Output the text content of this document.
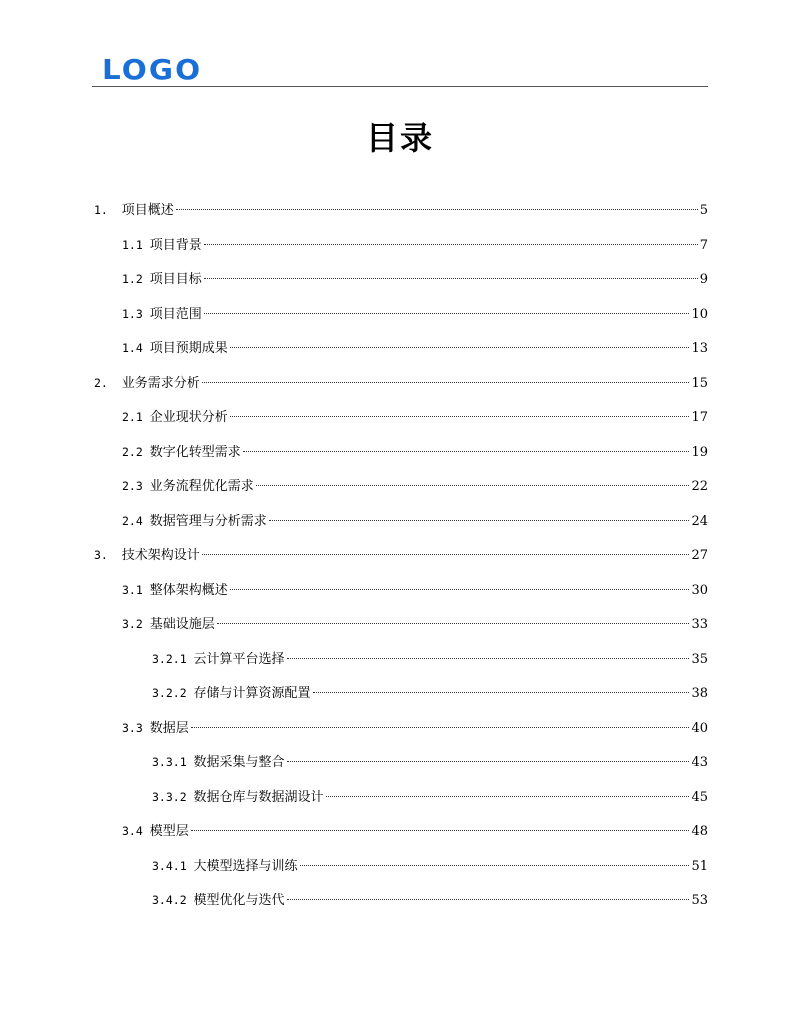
LOGO
目录
1. 项目概述	5
1.1 项目背景	7
1.2 项目目标	9
1.3 项目范围	10
1.4 项目预期成果	13
2. 业务需求分析	15
2.1 企业现状分析	17
2.2 数字化转型需求	19
2.3 业务流程优化需求	22
2.4 数据管理与分析需求	24
3. 技术架构设计	27
3.1 整体架构概述	30
3.2 基础设施层	33
3.2.1 云计算平台选择	35
3.2.2 存储与计算资源配置	38
3.3 数据层	40
3.3.1 数据采集与整合	43
3.3.2 数据仓库与数据湖设计	45
3.4 模型层	48
3.4.1 大模型选择与训练	51
3.4.2 模型优化与迭代	53
